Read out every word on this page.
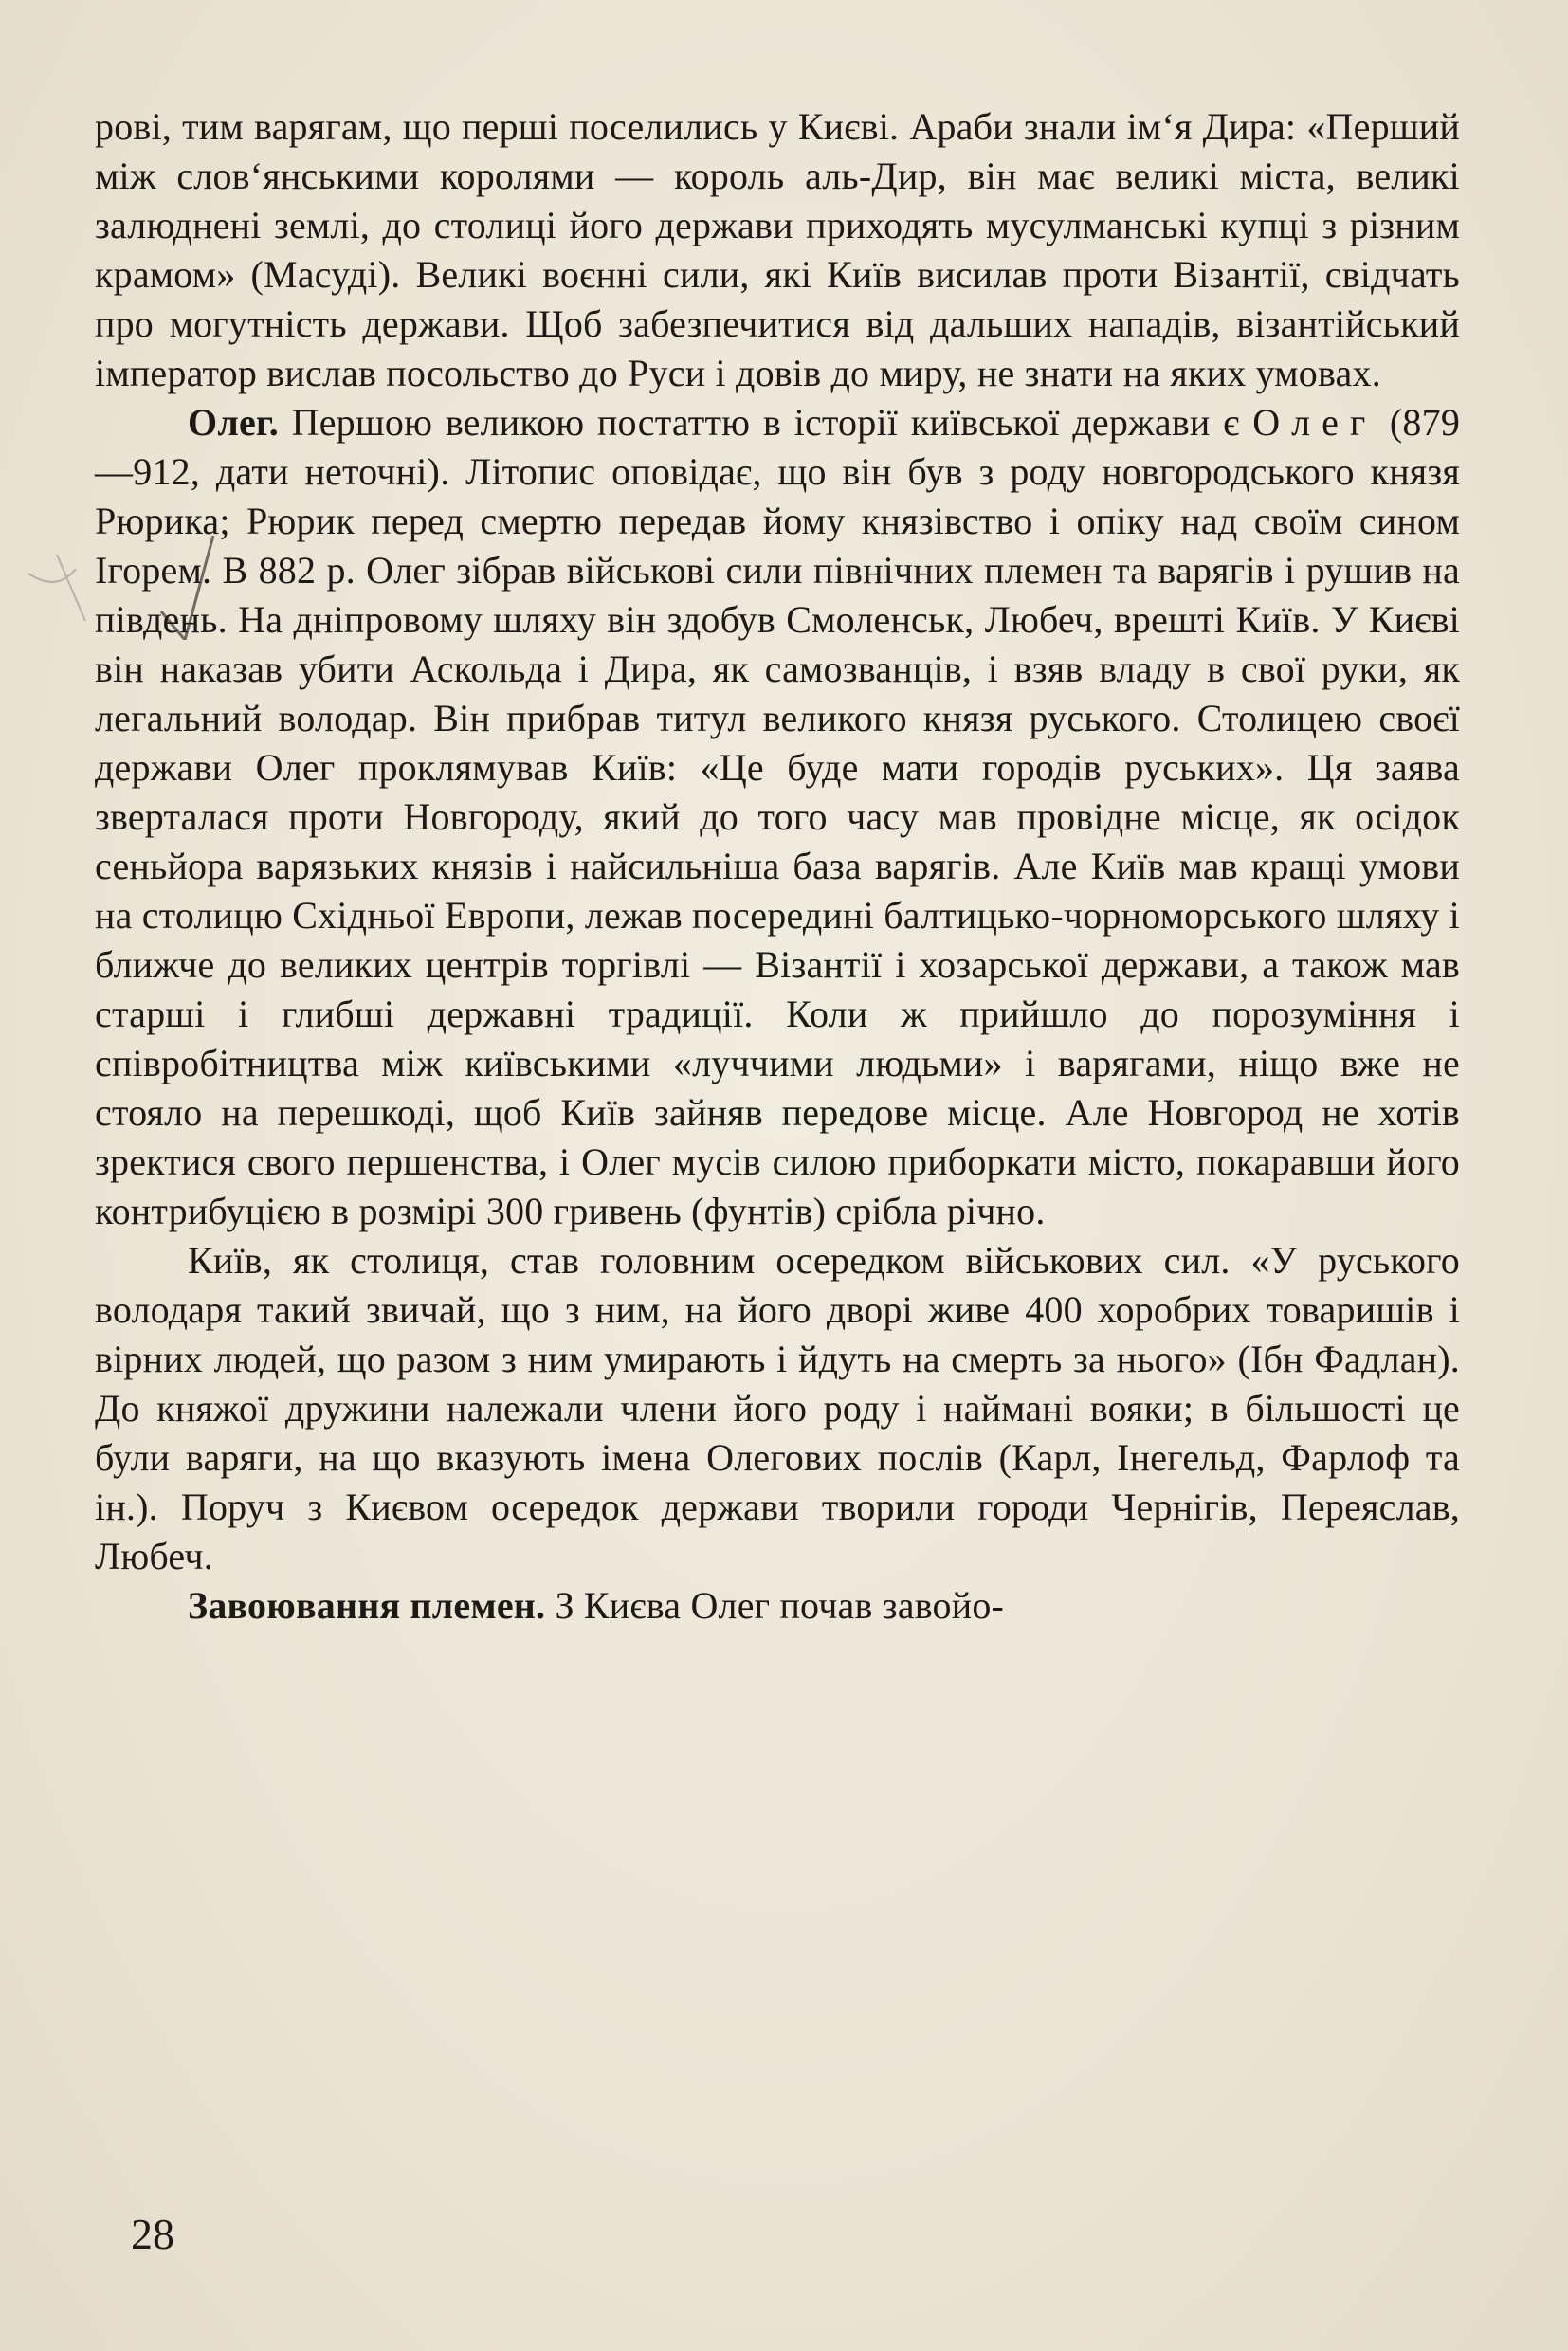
рові, тим варягам, що перші поселились у Києві. Араби знали ім‘я Дира: «Перший між слов‘янськими королями — король аль-Дир, він має великі міста, великі залюднені землі, до столиці його держави приходять мусулманські купці з різним крамом» (Масуді). Великі воєнні сили, які Київ висилав проти Візантії, свідчать про могутність держави. Щоб забезпечитися від дальших нападів, візантійський імператор вислав посольство до Руси і довів до миру, не знати на яких умовах.

Олег. Першою великою постаттю в історії київської держави є Олег (879—912, дати неточні). Літопис оповідає, що він був з роду новгородського князя Рюрика; Рюрик перед смертю передав йому князівство і опіку над своїм сином Ігорем. В 882 р. Олег зібрав військові сили північних племен та варягів і рушив на південь. На дніпровому шляху він здобув Смоленськ, Любеч, врешті Київ. У Києві він наказав убити Аскольда і Дира, як самозванців, і взяв владу в свої руки, як легальний володар. Він прибрав титул великого князя руського. Столицею своєї держави Олег проклямував Київ: «Це буде мати городів руських». Ця заява зверталася проти Новгороду, який до того часу мав провідне місце, як осідок сеньйора варязьких князів і найсильніша база варягів. Але Київ мав кращі умови на столицю Східньої Европи, лежав посередині балтицько-чорноморського шляху і ближче до великих центрів торгівлі — Візантії і хозарської держави, а також мав старші і глибші державні традиції. Коли ж прийшло до порозуміння і співробітництва між київськими «луччими людьми» і варягами, ніщо вже не стояло на перешкоді, щоб Київ зайняв передове місце. Але Новгород не хотів зректися свого першенства, і Олег мусів силою приборкати місто, покаравши його контрибуцією в розмірі 300 гривень (фунтів) срібла річно.

Київ, як столиця, став головним осередком військових сил. «У руського володаря такий звичай, що з ним, на його дворі живе 400 хоробрих товаришів і вірних людей, що разом з ним умирають і йдуть на смерть за нього» (Ібн Фадлан). До княжої дружини належали члени його роду і наймані вояки; в більшості це були варяги, на що вказують імена Олегових послів (Карл, Інегельд, Фарлоф та ін.). Поруч з Києвом осередок держави творили городи Чернігів, Переяслав, Любеч.

Завоювання племен. З Києва Олег почав завойо-

28
